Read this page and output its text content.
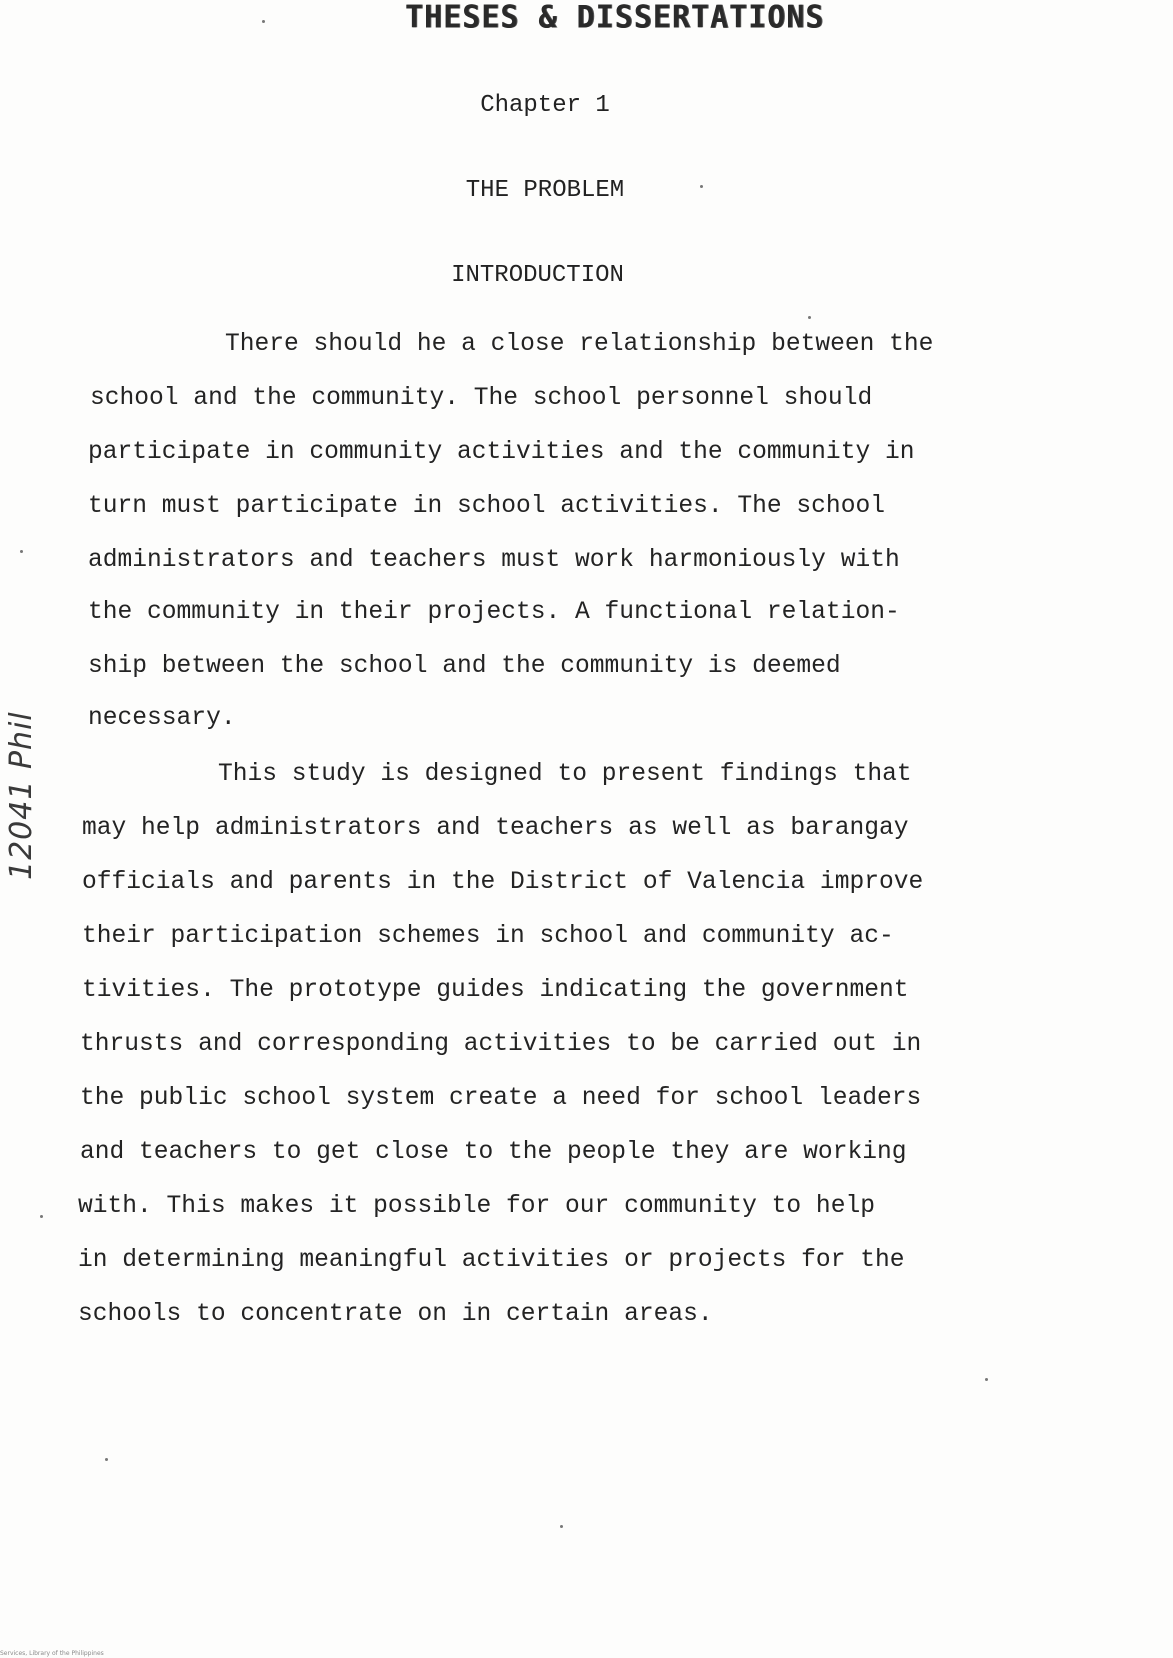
THESES & DISSERTATIONS
Chapter 1
THE PROBLEM
INTRODUCTION
There should he a close relationship between the
school and the community. The school personnel should
participate in community activities and the community in
turn must participate in school activities. The school
administrators and teachers must work harmoniously with
the community in their projects. A functional relation-
ship between the school and the community is deemed
necessary.
This study is designed to present findings that
may help administrators and teachers as well as barangay
officials and parents in the District of Valencia improve
their participation schemes in school and community ac-
tivities. The prototype guides indicating the government
thrusts and corresponding activities to be carried out in
the public school system create a need for school leaders
and teachers to get close to the people they are working
with. This makes it possible for our community to help
in determining meaningful activities or projects for the
schools to concentrate on in certain areas.
12041 Phil
Services, Library of the Philippines
